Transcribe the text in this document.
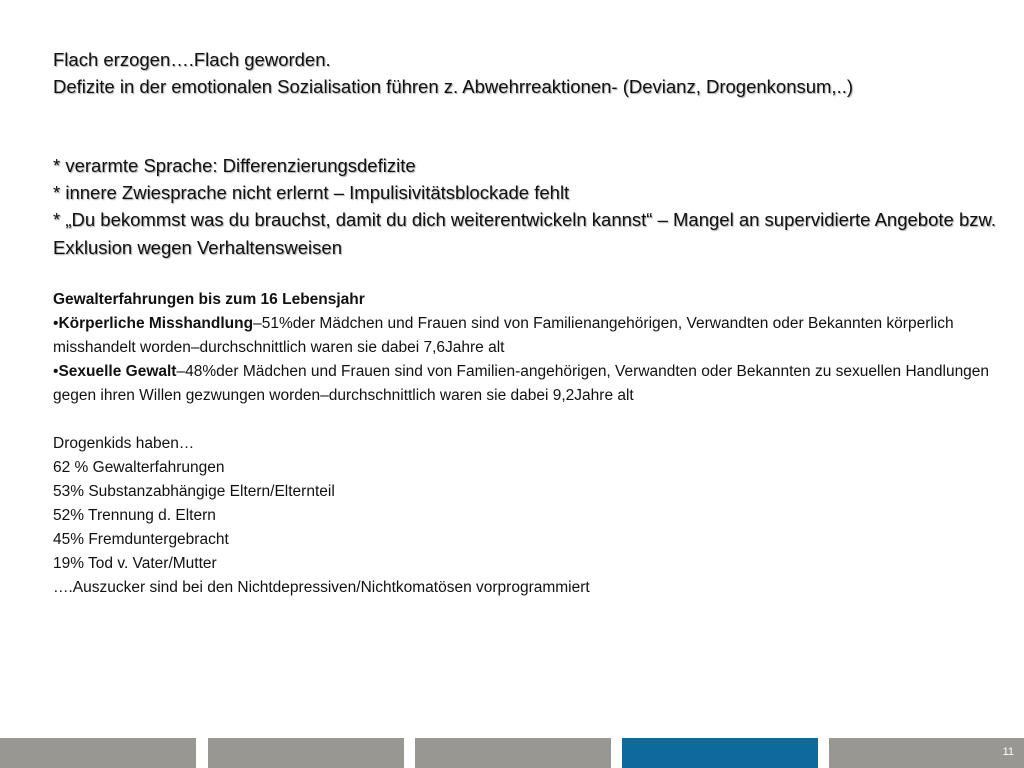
Flach erzogen….Flach geworden.
Defizite in der emotionalen Sozialisation führen z. Abwehrreaktionen- (Devianz, Drogenkonsum,..)
* verarmte Sprache: Differenzierungsdefizite
* innere Zwiesprache nicht erlernt – Impulisivitätsblockade fehlt
* „Du bekommst was du brauchst, damit du dich weiterentwickeln kannst“ – Mangel an supervidierte Angebote bzw. Exklusion wegen Verhaltensweisen
Gewalterfahrungen bis zum 16 Lebensjahr
•Körperliche Misshandlung–51%der Mädchen und Frauen sind von Familienangehörigen, Verwandten oder Bekannten körperlich misshandelt worden–durchschnittlich waren sie dabei 7,6Jahre alt
•Sexuelle Gewalt–48%der Mädchen und Frauen sind von Familien-angehörigen, Verwandten oder Bekannten zu sexuellen Handlungen gegen ihren Willen gezwungen worden–durchschnittlich waren sie dabei 9,2Jahre alt
Drogenkids haben…
62 % Gewalterfahrungen
53% Substanzabhängige Eltern/Elternteil
52% Trennung d. Eltern
45% Fremduntergebracht
19% Tod v. Vater/Mutter
….Auszucker sind bei den Nichtdepressiven/Nichtkomatösen vorprogrammiert
11
